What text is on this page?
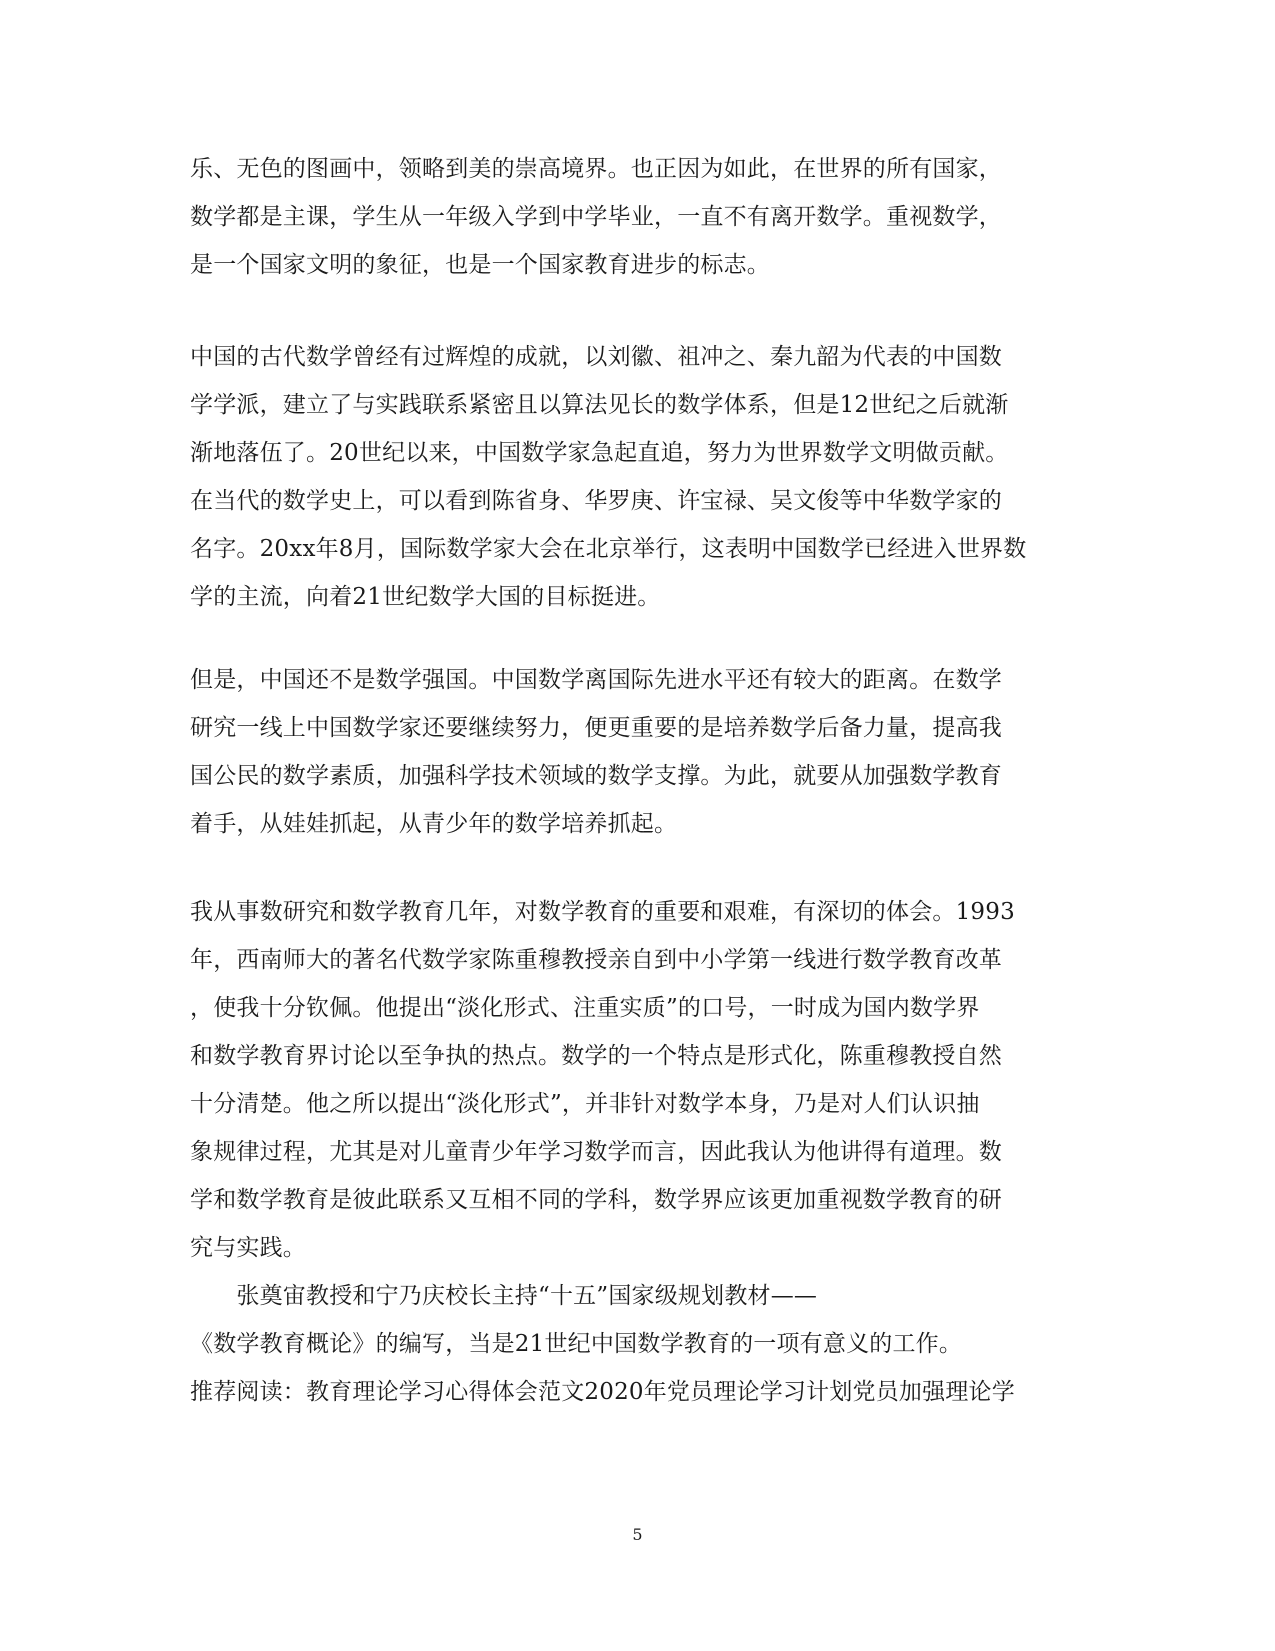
乐、无色的图画中，领略到美的崇高境界。也正因为如此，在世界的所有国家，
数学都是主课，学生从一年级入学到中学毕业，一直不有离开数学。重视数学，
是一个国家文明的象征，也是一个国家教育进步的标志。
中国的古代数学曾经有过辉煌的成就，以刘徽、祖冲之、秦九韶为代表的中国数
学学派，建立了与实践联系紧密且以算法见长的数学体系，但是12世纪之后就渐
渐地落伍了。20世纪以来，中国数学家急起直追，努力为世界数学文明做贡献。
在当代的数学史上，可以看到陈省身、华罗庚、许宝禄、吴文俊等中华数学家的
名字。20xx年8月，国际数学家大会在北京举行，这表明中国数学已经进入世界数
学的主流，向着21世纪数学大国的目标挺进。
但是，中国还不是数学强国。中国数学离国际先进水平还有较大的距离。在数学
研究一线上中国数学家还要继续努力，便更重要的是培养数学后备力量，提高我
国公民的数学素质，加强科学技术领域的数学支撑。为此，就要从加强数学教育
着手，从娃娃抓起，从青少年的数学培养抓起。
我从事数研究和数学教育几年，对数学教育的重要和艰难，有深切的体会。1993
年，西南师大的著名代数学家陈重穆教授亲自到中小学第一线进行数学教育改革
，使我十分钦佩。他提出“淡化形式、注重实质”的口号，一时成为国内数学界
和数学教育界讨论以至争执的热点。数学的一个特点是形式化，陈重穆教授自然
十分清楚。他之所以提出“淡化形式”，并非针对数学本身，乃是对人们认识抽
象规律过程，尤其是对儿童青少年学习数学而言，因此我认为他讲得有道理。数
学和数学教育是彼此联系又互相不同的学科，数学界应该更加重视数学教育的研
究与实践。
　　张奠宙教授和宁乃庆校长主持“十五”国家级规划教材——
《数学教育概论》的编写，当是21世纪中国数学教育的一项有意义的工作。
推荐阅读：教育理论学习心得体会范文2020年党员理论学习计划党员加强理论学
5
